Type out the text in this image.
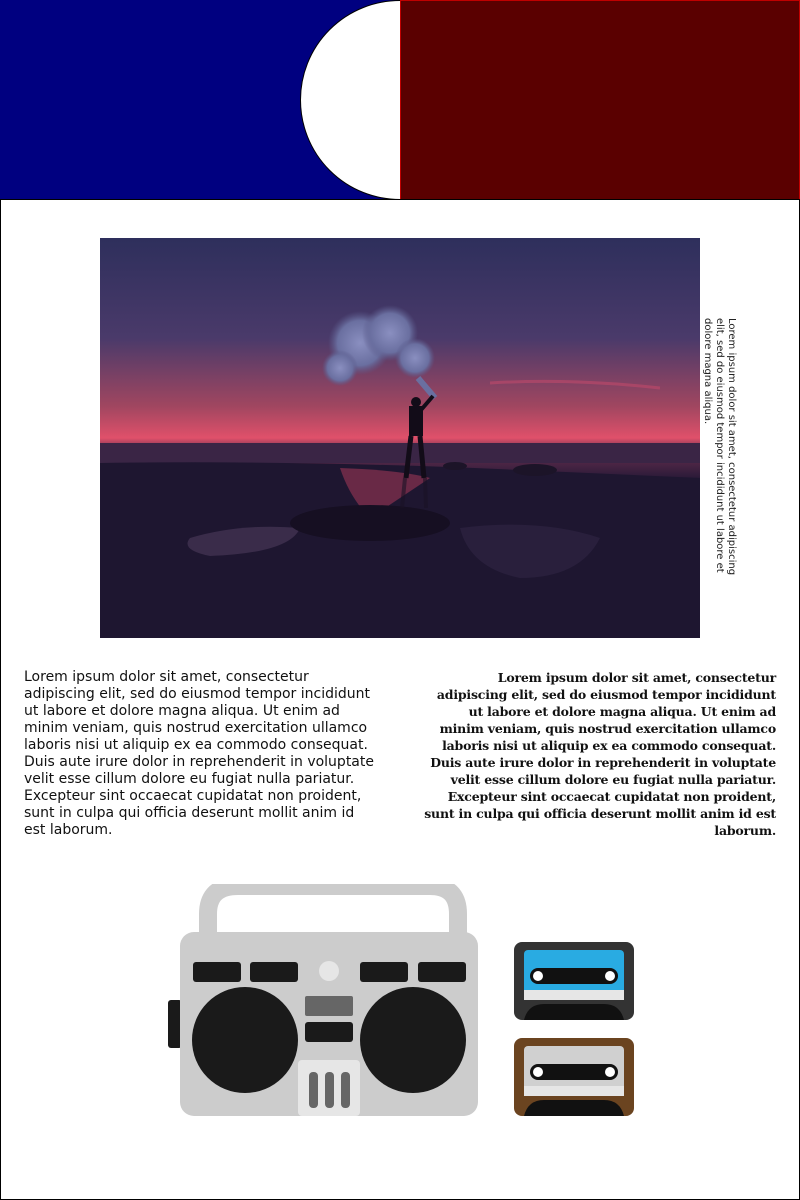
Lorem ipsum dolor sit amet, consectetur adipiscing elit, sed do eiusmod tempor incididunt ut labore et dolore magna aliqua.
Lorem ipsum dolor sit amet, consectetur adipiscing elit, sed do eiusmod tempor incididunt ut labore et dolore magna aliqua. Ut enim ad minim veniam, quis nostrud exercitation ullamco laboris nisi ut aliquip ex ea commodo consequat. Duis aute irure dolor in reprehenderit in voluptate velit esse cillum dolore eu fugiat nulla pariatur. Excepteur sint occaecat cupidatat non proident, sunt in culpa qui officia deserunt mollit anim id est laborum.
Lorem ipsum dolor sit amet, consectetur adipiscing elit, sed do eiusmod tempor incididunt ut labore et dolore magna aliqua. Ut enim ad minim veniam, quis nostrud exercitation ullamco laboris nisi ut aliquip ex ea commodo consequat. Duis aute irure dolor in reprehenderit in voluptate velit esse cillum dolore eu fugiat nulla pariatur. Excepteur sint occaecat cupidatat non proident, sunt in culpa qui officia deserunt mollit anim id est laborum.
